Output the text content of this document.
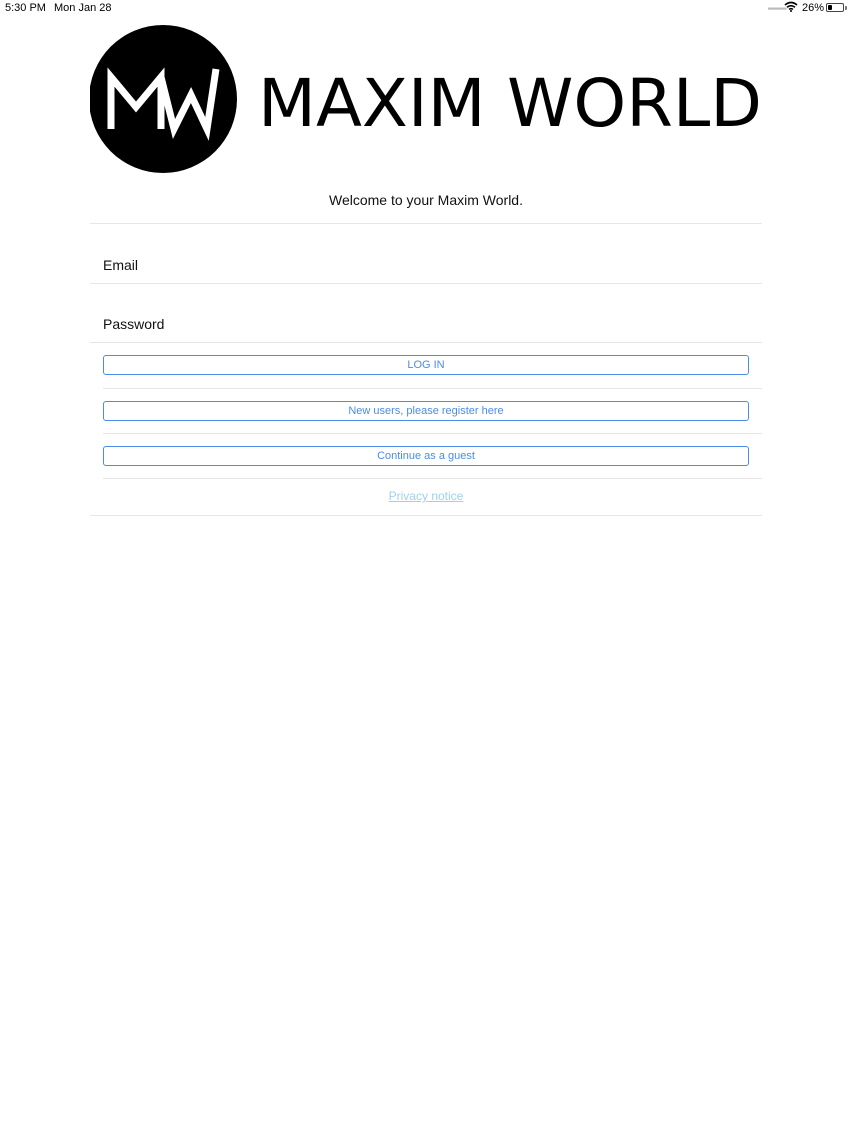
5:30 PM Mon Jan 28	▂▂▂▂ 26%
MAXIM WORLD
Welcome to your Maxim World.
Email
Password
LOG IN
New users, please register here
Continue as a guest
Privacy notice
